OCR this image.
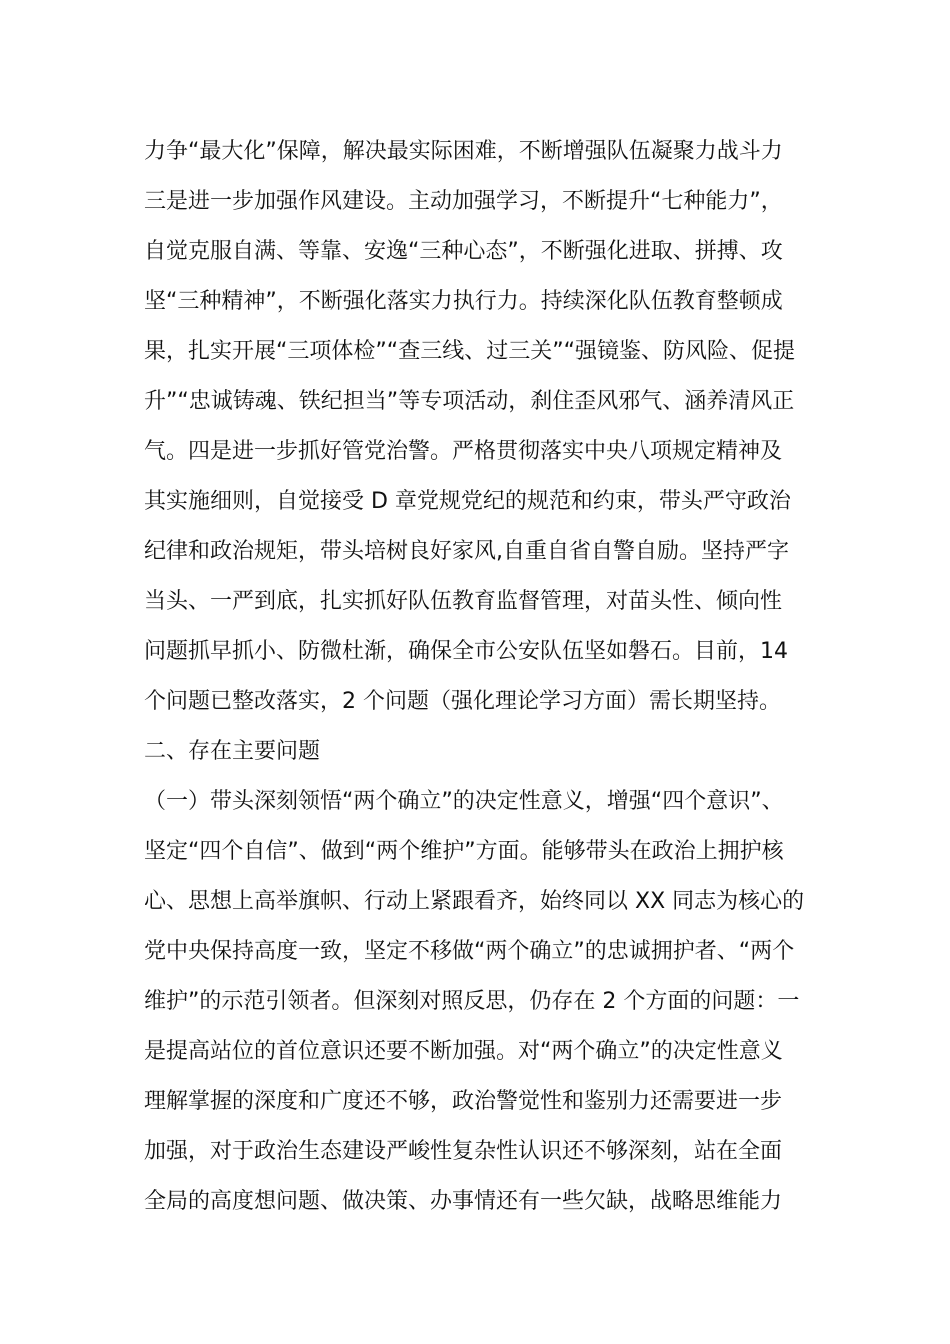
力争“最大化”保障，解决最实际困难，不断增强队伍凝聚力战斗力
三是进一步加强作风建设。主动加强学习，不断提升“七种能力”，
自觉克服自满、等靠、安逸“三种心态”，不断强化进取、拼搏、攻
坚“三种精神”，不断强化落实力执行力。持续深化队伍教育整顿成
果，扎实开展“三项体检”“查三线、过三关”“强镜鉴、防风险、促提
升”“忠诚铸魂、铁纪担当”等专项活动，刹住歪风邪气、涵养清风正
气。四是进一步抓好管党治警。严格贯彻落实中央八项规定精神及
其实施细则，自觉接受 D 章党规党纪的规范和约束，带头严守政治
纪律和政治规矩，带头培树良好家风,自重自省自警自励。坚持严字
当头、一严到底，扎实抓好队伍教育监督管理，对苗头性、倾向性
问题抓早抓小、防微杜渐，确保全市公安队伍坚如磐石。目前，14
个问题已整改落实，2 个问题（强化理论学习方面）需长期坚持。
二、存在主要问题
（一）带头深刻领悟“两个确立”的决定性意义，增强“四个意识”、
坚定“四个自信”、做到“两个维护”方面。能够带头在政治上拥护核
心、思想上高举旗帜、行动上紧跟看齐，始终同以 XX 同志为核心的
党中央保持高度一致，坚定不移做“两个确立”的忠诚拥护者、“两个
维护”的示范引领者。但深刻对照反思，仍存在 2 个方面的问题：一
是提高站位的首位意识还要不断加强。对“两个确立”的决定性意义
理解掌握的深度和广度还不够，政治警觉性和鉴别力还需要进一步
加强，对于政治生态建设严峻性复杂性认识还不够深刻，站在全面
全局的高度想问题、做决策、办事情还有一些欠缺，战略思维能力
